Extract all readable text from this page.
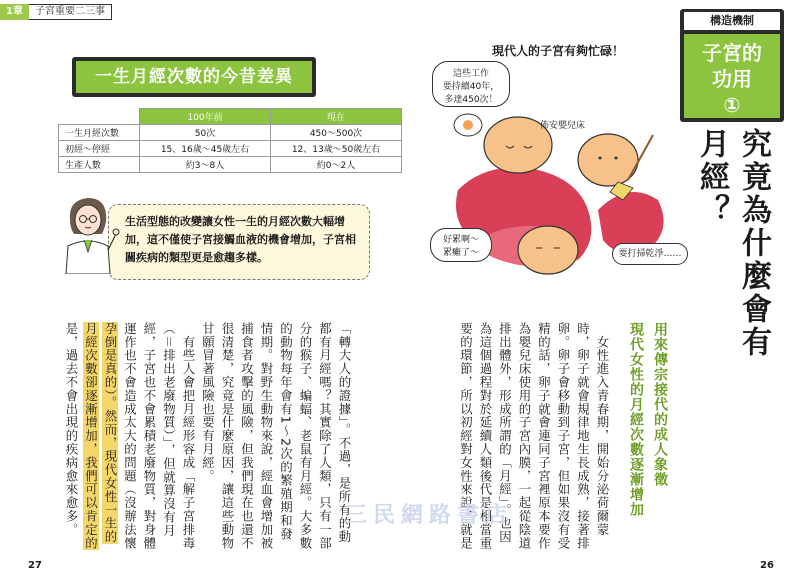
1章	子宮重要二三事
一生月經次數的今昔差異
	100年前	現在
一生月經次數	50次	450〜500次
初經〜停經	15、16歲〜45歲左右	12、13歲〜50歲左右
生產人數	約3〜8人	約0〜2人
生活型態的改變讓女性一生的月經次數大幅增加，這不僅使子宮接觸血液的機會增加，子宮相關疾病的類型更是愈趨多樣。
「轉大人的證據」。不過，是所有的動
都有月經嗎？其實除了人類，只有一部
分的猴子、蝙蝠、老鼠有月經。大多數
的動物每年會有1〜2次的繁殖期和發
情期。對野生動物來說，經血會增加被
捕食者攻擊的風險，但我們現在也還不
很清楚，究竟是什麼原因，讓這些動物
甘願冒著風險也要有月經。
　有些人會把月經形容成「解子宮排毒
（＝排出老廢物質）」，但就算沒有月
經，子宮也不會累積老廢物質，對身體
運作也不會造成太大的問題（沒辦法懷
孕倒是真的）。然而，現代女性一生的
月經次數卻逐漸增加，我們可以肯定的
是，過去不會出現的疾病愈來愈多。
構造機制
子宮的
功用
①
究竟為什麼會有
月經？
現代人的子宮有夠忙碌！
這些工作
要持續40年，
多達450次！
佈安嬰兒床
好累啊〜
累癱了〜	要打掃乾淨……
用來傳宗接代的成人象徵
現代女性的月經次數逐漸增加
　女性進入青春期，開始分泌荷爾蒙
時，卵子就會規律地生長成熟，接著排
卵。卵子會移動到子宮，但如果沒有受
精的話，卵子就會連同子宮裡原本要作
為嬰兒床使用的子宮內膜，一起從陰道
排出體外，形成所謂的「月經」。也因
為這個過程對於延續人類後代是相當重
要的環節，所以初經對女性來說，就是
三民網路書店
27	26
